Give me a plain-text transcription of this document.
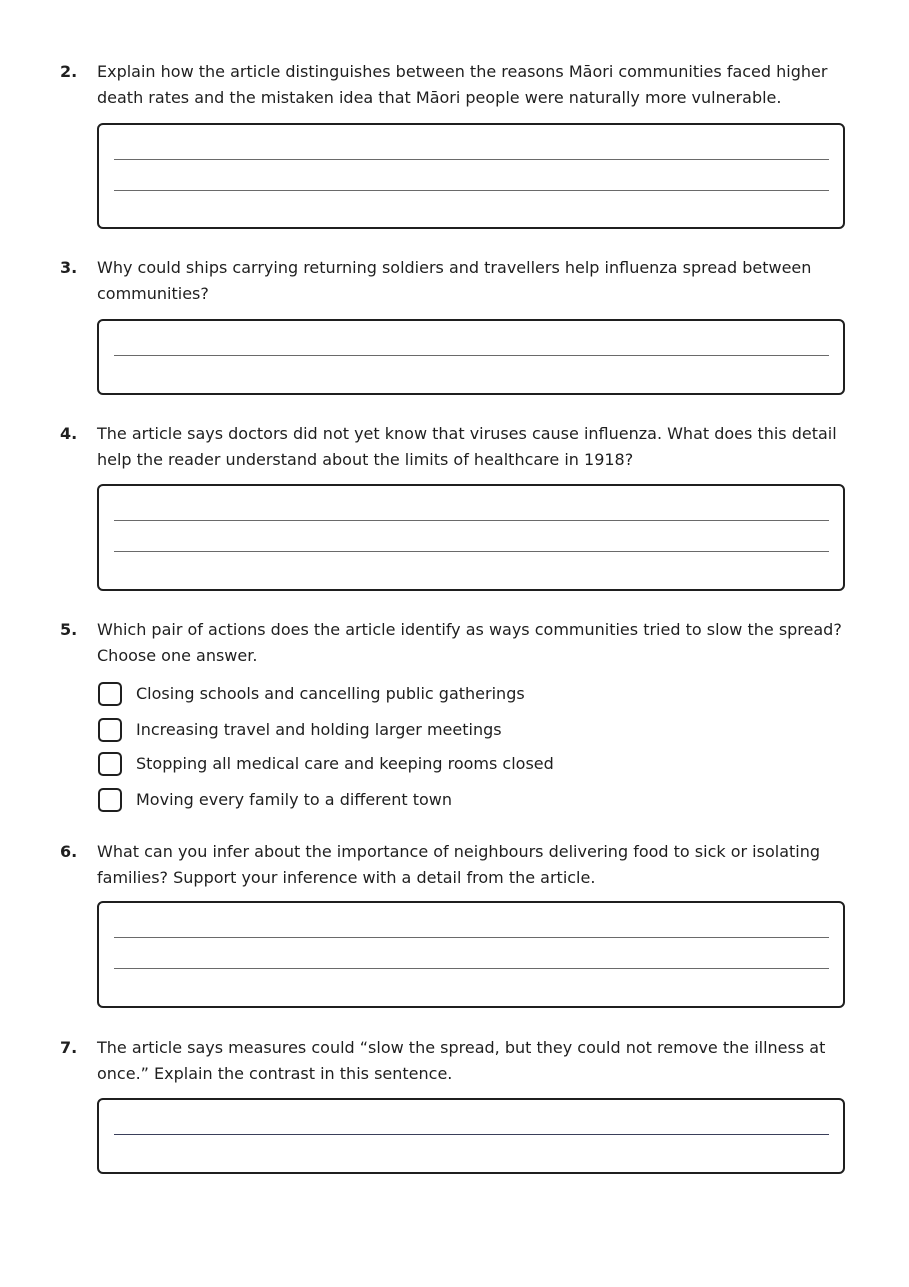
2. Explain how the article distinguishes between the reasons Māori communities faced higher death rates and the mistaken idea that Māori people were naturally more vulnerable.

3. Why could ships carrying returning soldiers and travellers help influenza spread between communities?

4. The article says doctors did not yet know that viruses cause influenza. What does this detail help the reader understand about the limits of healthcare in 1918?

5. Which pair of actions does the article identify as ways communities tried to slow the spread? Choose one answer.

Closing schools and cancelling public gatherings
Increasing travel and holding larger meetings
Stopping all medical care and keeping rooms closed
Moving every family to a different town
6. What can you infer about the importance of neighbours delivering food to sick or isolating families? Support your inference with a detail from the article.

7. The article says measures could “slow the spread, but they could not remove the illness at once.” Explain the contrast in this sentence.
